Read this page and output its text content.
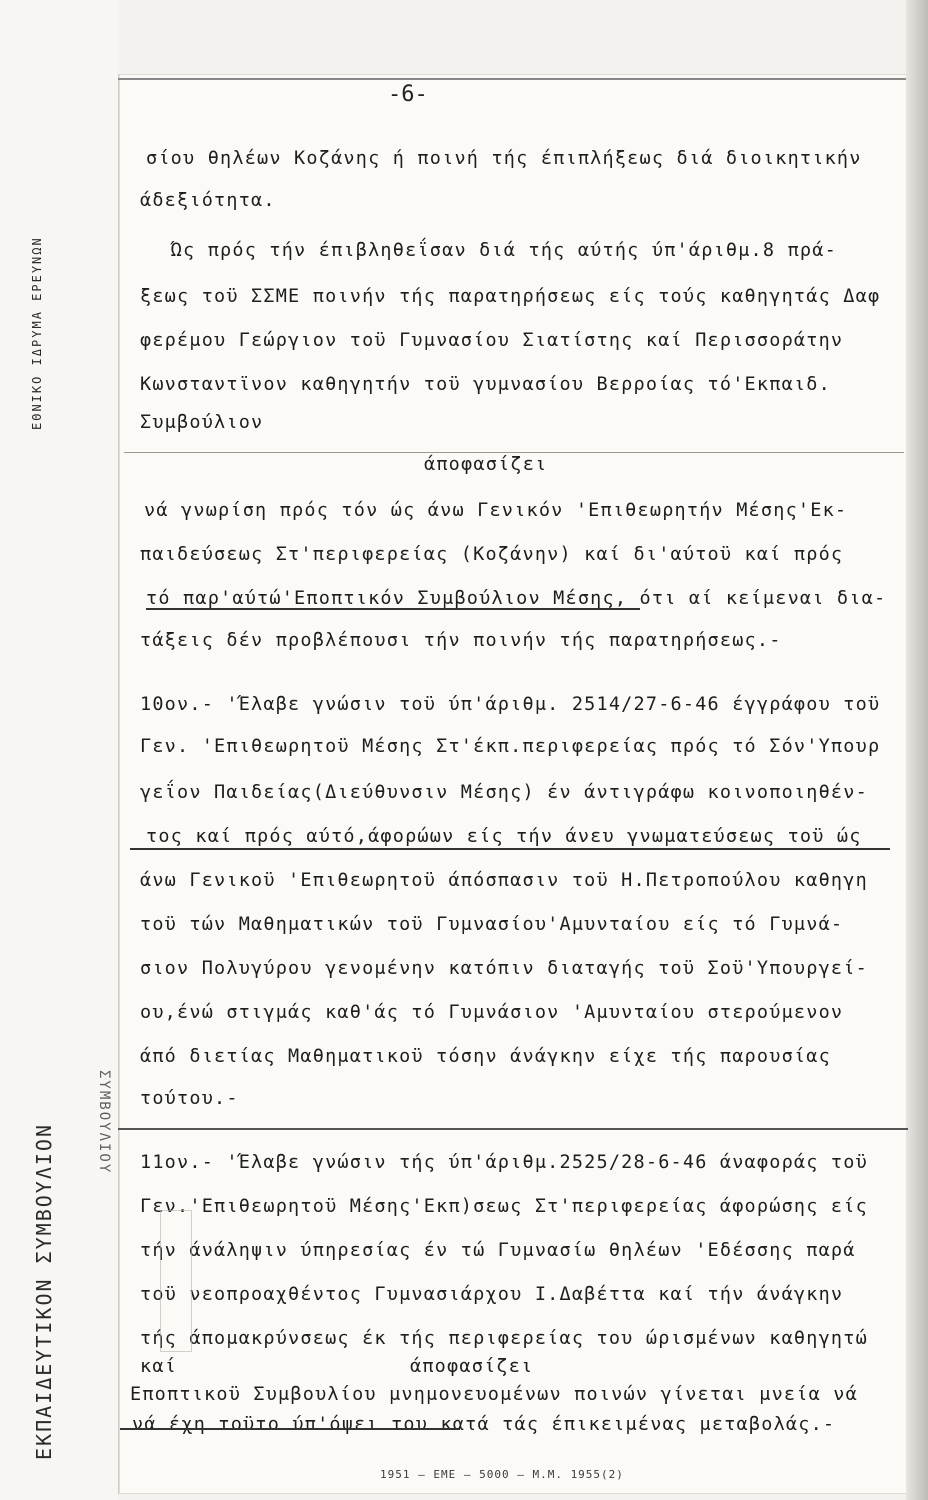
ΕΚΠΑΙΔΕΥΤΙΚΟΝ ΣΥΜΒΟΥΛΙΟΝ
ΕΘΝΙΚΟ ΙΔΡΥΜΑ ΕΡΕΥΝΩΝ
ΣΥΜΒΟΥΛΙΟΥ
-6-
σίου θηλέων Κοζάνης ή ποινή τής έπιπλήξεως διά διοικητικήν
άδεξιότητα.
Ώς πρός τήν έπιβληθεΐσαν διά τής αύτής ύπ'άριθμ.8 πρά-
ξεως τοϋ ΣΣΜΕ ποινήν τής παρατηρήσεως είς τούς καθηγητάς Δαφ
φερέμου Γεώργιον τοϋ Γυμνασίου Σιατίστης καί Περισσοράτην
Κωνσταντϊνον καθηγητήν τοϋ γυμνασίου Βερροίας τό'Εκπαιδ.
Συμβούλιον
άποφασίζει
νά γνωρίση πρός τόν ώς άνω Γενικόν 'Επιθεωρητήν Μέσης'Εκ-
παιδεύσεως Στ'περιφερείας (Κοζάνην) καί δι'αύτοϋ καί πρός
τό παρ'αύτώ'Εποπτικόν Συμβούλιον Μέσης, ότι αί κείμεναι δια-
τάξεις δέν προβλέπουσι τήν ποινήν τής παρατηρήσεως.-
10ον.- 'Έλαβε γνώσιν τοϋ ύπ'άριθμ. 2514/27-6-46 έγγράφου τοϋ
Γεν. 'Επιθεωρητοϋ Μέσης Στ'έκπ.περιφερείας πρός τό Σόν'Υπουρ
γεΐον Παιδείας(Διεύθυνσιν Μέσης) έν άντιγράφω κοινοποιηθέν-
τος καί πρός αύτό,άφορώων είς τήν άνευ γνωματεύσεως τοϋ ώς
άνω Γενικοϋ 'Επιθεωρητοϋ άπόσπασιν τοϋ Η.Πετροπούλου καθηγη
τοϋ τών Μαθηματικών τοϋ Γυμνασίου'Αμυνταίου είς τό Γυμνά-
σιον Πολυγύρου γενομένην κατόπιν διαταγής τοϋ Σοϋ'Υπουργεί-
ου,ένώ στιγμάς καθ'άς τό Γυμνάσιον 'Αμυνταίου στερούμενον
άπό διετίας Μαθηματικοϋ τόσην άνάγκην είχε τής παρουσίας
τούτου.-
11ον.- 'Έλαβε γνώσιν τής ύπ'άριθμ.2525/28-6-46 άναφοράς τοϋ
Γεν.'Επιθεωρητοϋ Μέσης'Εκπ)σεως Στ'περιφερείας άφορώσης είς
τήν άνάληψιν ύπηρεσίας έν τώ Γυμνασίω θηλέων 'Εδέσσης παρά
τοϋ νεοπροαχθέντος Γυμνασιάρχου Ι.Δαβέττα καί τήν άνάγκην
τής άπομακρύνσεως έκ τής περιφερείας του ώρισμένων καθηγητώ
καί	άποφασίζει
Εποπτικοϋ Συμβουλίου μνημονευομένων ποινών γίνεται μνεία νά
νά έχη τοϋτο ύπ'όψει του κατά τάς έπικειμένας μεταβολάς.-
1951 — ΕΜΕ — 5000 — Μ.Μ. 1955(2)
